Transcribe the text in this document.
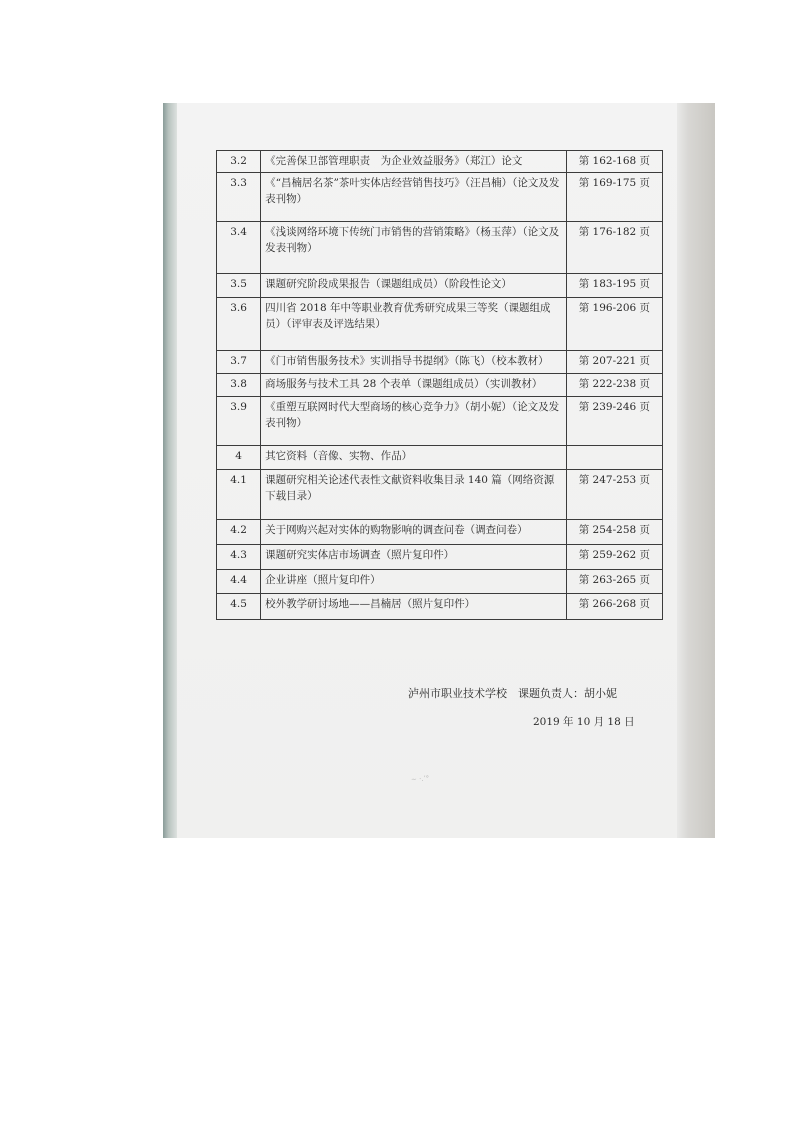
3.2	《完善保卫部管理职责　为企业效益服务》（郑江）论文	第 162-168 页
3.3	《“昌楠居名茶”茶叶实体店经营销售技巧》（汪昌楠）（论文及发表刊物）	第 169-175 页
3.4	《浅谈网络环境下传统门市销售的营销策略》（杨玉萍）（论文及发表刊物）	第 176-182 页
3.5	课题研究阶段成果报告（课题组成员）（阶段性论文）	第 183-195 页
3.6	四川省 2018 年中等职业教育优秀研究成果三等奖（课题组成员）（评审表及评选结果）	第 196-206 页
3.7	《门市销售服务技术》实训指导书提纲》（陈飞）（校本教材）	第 207-221 页
3.8	商场服务与技术工具 28 个表单（课题组成员）（实训教材）	第 222-238 页
3.9	《重塑互联网时代大型商场的核心竞争力》（胡小妮）（论文及发表刊物）	第 239-246 页
4	其它资料（音像、实物、作品）	
4.1	课题研究相关论述代表性文献资料收集目录 140 篇（网络资源下载目录）	第 247-253 页
4.2	关于网购兴起对实体的购物影响的调查问卷（调查问卷）	第 254-258 页
4.3	课题研究实体店市场调查（照片复印件）	第 259-262 页
4.4	企业讲座（照片复印件）	第 263-265 页
4.5	校外教学研讨场地——昌楠居（照片复印件）	第 266-268 页
泸州市职业技术学校　课题负责人：胡小妮
2019 年 10 月 18 日
~ ·.ʼ°
